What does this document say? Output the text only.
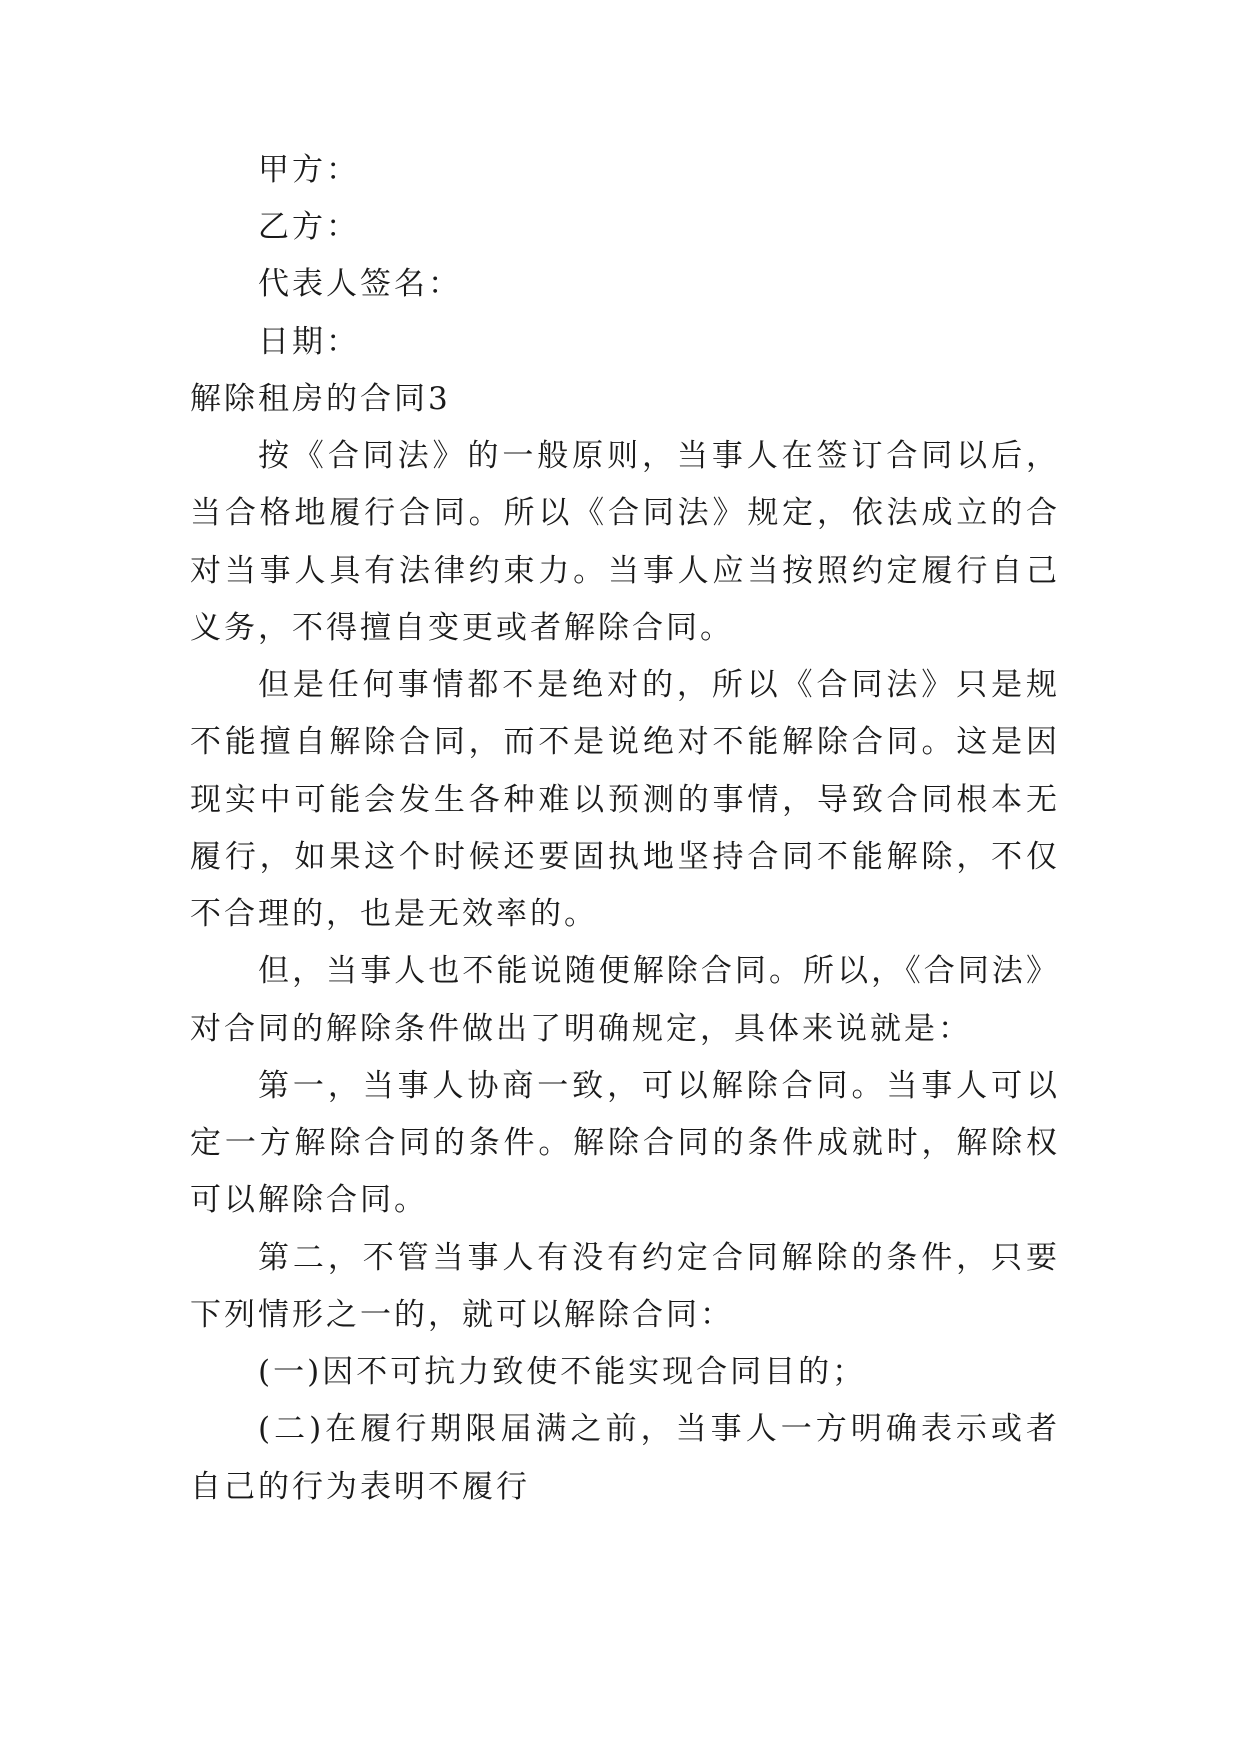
甲方：
乙方：
代表人签名：
日期：
解除租房的合同3
按《合同法》的一般原则，当事人在签订合同以后，
当合格地履行合同。所以《合同法》规定，依法成立的合
对当事人具有法律约束力。当事人应当按照约定履行自己
义务，不得擅自变更或者解除合同。
但是任何事情都不是绝对的，所以《合同法》只是规
不能擅自解除合同，而不是说绝对不能解除合同。这是因
现实中可能会发生各种难以预测的事情，导致合同根本无
履行，如果这个时候还要固执地坚持合同不能解除，不仅
不合理的，也是无效率的。
但，当事人也不能说随便解除合同。所以，《合同法》
对合同的解除条件做出了明确规定，具体来说就是：
第一，当事人协商一致，可以解除合同。当事人可以
定一方解除合同的条件。解除合同的条件成就时，解除权
可以解除合同。
第二，不管当事人有没有约定合同解除的条件，只要
下列情形之一的，就可以解除合同：
(一)因不可抗力致使不能实现合同目的；
(二)在履行期限届满之前，当事人一方明确表示或者
自己的行为表明不履行
